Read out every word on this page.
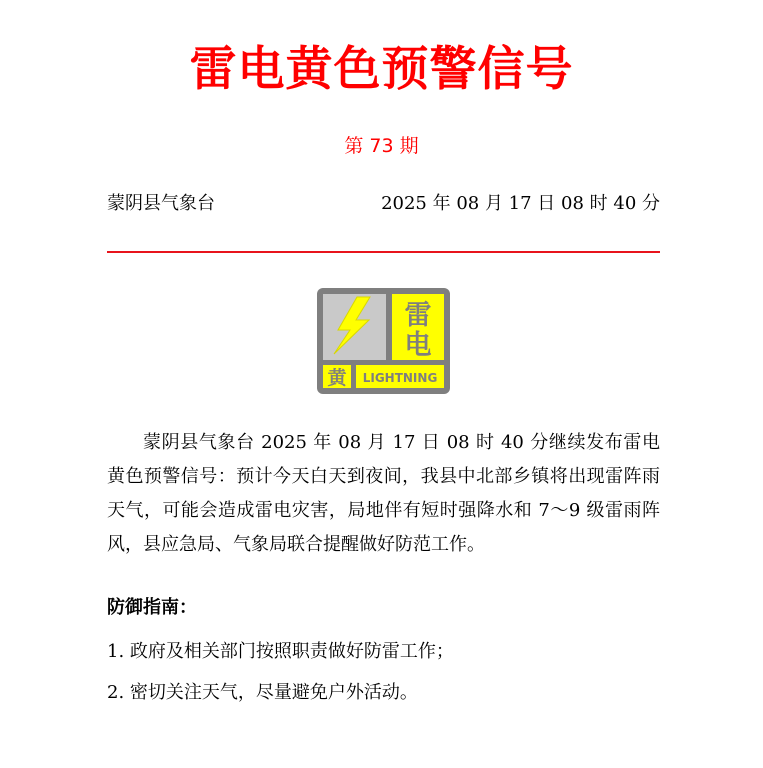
雷电黄色预警信号
第 73 期
蒙阴县气象台	2025 年 08 月 17 日 08 时 40 分
雷
电
黄 LIGHTNING

蒙阴县气象台 2025 年 08 月 17 日 08 时 40 分继续发布雷电黄色预警信号：预计今天白天到夜间，我县中北部乡镇将出现雷阵雨天气，可能会造成雷电灾害，局地伴有短时强降水和 7～9 级雷雨阵风，县应急局、气象局联合提醒做好防范工作。

防御指南：
1. 政府及相关部门按照职责做好防雷工作；
2. 密切关注天气，尽量避免户外活动。
